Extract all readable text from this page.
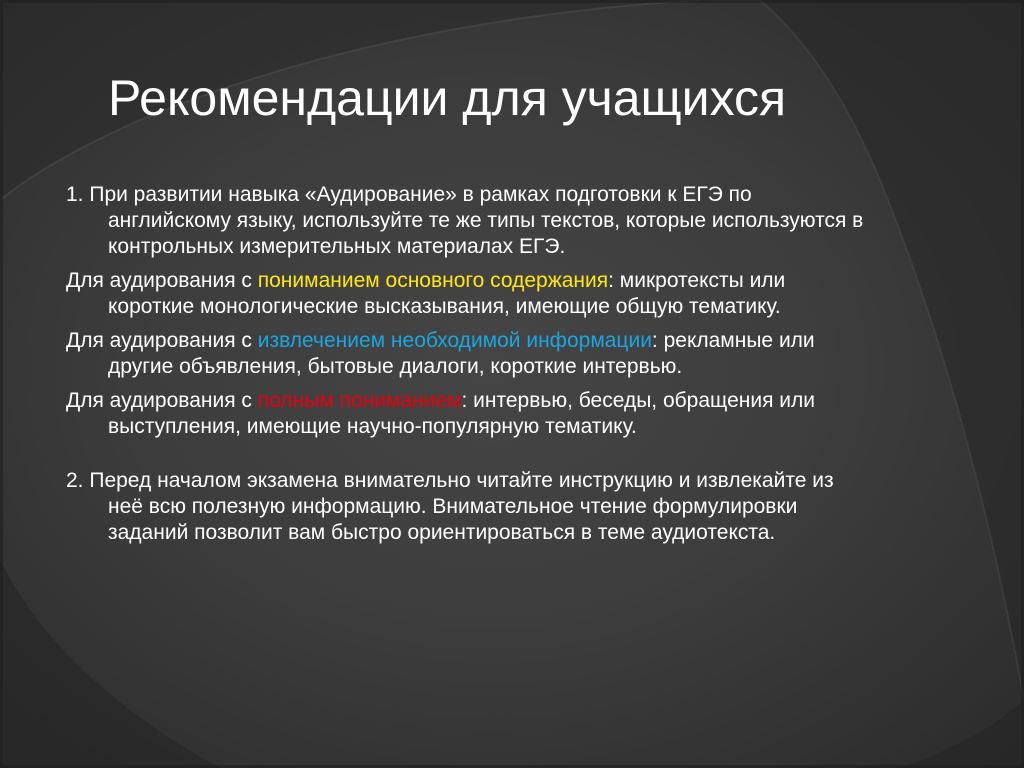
Рекомендации для учащихся

1. При развитии навыка «Аудирование» в рамках подготовки к ЕГЭ по английскому языку, используйте те же типы текстов, которые используются в контрольных измерительных материалах ЕГЭ.

Для аудирования с пониманием основного содержания: микротексты или короткие монологические высказывания, имеющие общую тематику.

Для аудирования с извлечением необходимой информации: рекламные или другие объявления, бытовые диалоги, короткие интервью.

Для аудирования с полным пониманием: интервью, беседы, обращения или выступления, имеющие научно-популярную тематику.

2. Перед началом экзамена внимательно читайте инструкцию и извлекайте из неё всю полезную информацию. Внимательное чтение формулировки заданий позволит вам быстро ориентироваться в теме аудиотекста.
